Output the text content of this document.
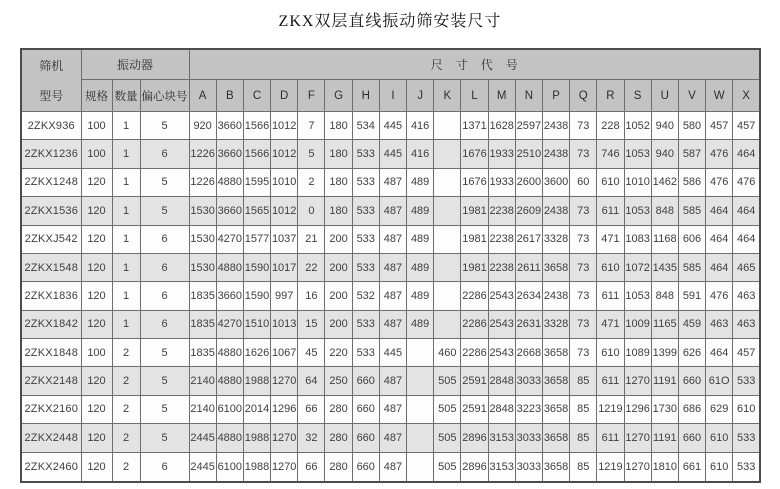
ZKX双层直线振动筛安装尺寸
筛机
型号	振动器			尺寸代号																				
	规格	数量	偏心块号	A	B	C	D	F	G	H	I	J	K	L	M	N	P	Q	R	S	U	V	W	X
2ZKX936	100	1	5	920	3660	1566	1012	7	180	534	445	416		1371	1628	2597	2438	73	228	1052	940	580	457	457
2ZKX1236	100	1	6	1226	3660	1566	1012	5	180	533	445	416		1676	1933	2510	2438	73	746	1053	940	587	476	464
2ZKX1248	120	1	5	1226	4880	1595	1010	2	180	533	487	489		1676	1933	2600	3600	60	610	1010	1462	586	476	476
2ZKX1536	120	1	5	1530	3660	1565	1012	0	180	533	487	489		1981	2238	2609	2438	73	611	1053	848	585	464	464
2ZKXJ542	120	1	6	1530	4270	1577	1037	21	200	533	487	489		1981	2238	2617	3328	73	471	1083	1168	606	464	464
2ZKX1548	120	1	6	1530	4880	1590	1017	22	200	533	487	489		1981	2238	2611	3658	73	610	1072	1435	585	464	465
2ZKX1836	120	1	6	1835	3660	1590	997	16	200	532	487	489		2286	2543	2634	2438	73	611	1053	848	591	476	463
2ZKX1842	120	1	6	1835	4270	1510	1013	15	200	533	487	489		2286	2543	2631	3328	73	471	1009	1165	459	463	463
2ZKX1848	100	2	5	1835	4880	1626	1067	45	220	533	445		460	2286	2543	2668	3658	73	610	1089	1399	626	464	457
2ZKX2148	120	2	5	2140	4880	1988	1270	64	250	660	487		505	2591	2848	3033	3658	85	611	1270	1191	660	61O	533
2ZKX2160	120	2	5	2140	6100	2014	1296	66	280	660	487		505	2591	2848	3223	3658	85	1219	1296	1730	686	629	610
2ZKX2448	120	2	5	2445	4880	1988	1270	32	280	660	487		505	2896	3153	3033	3658	85	611	1270	1191	660	610	533
2ZKX2460	120	2	6	2445	6100	1988	1270	66	280	660	487		505	2896	3153	3033	3658	85	1219	1270	1810	661	610	533
